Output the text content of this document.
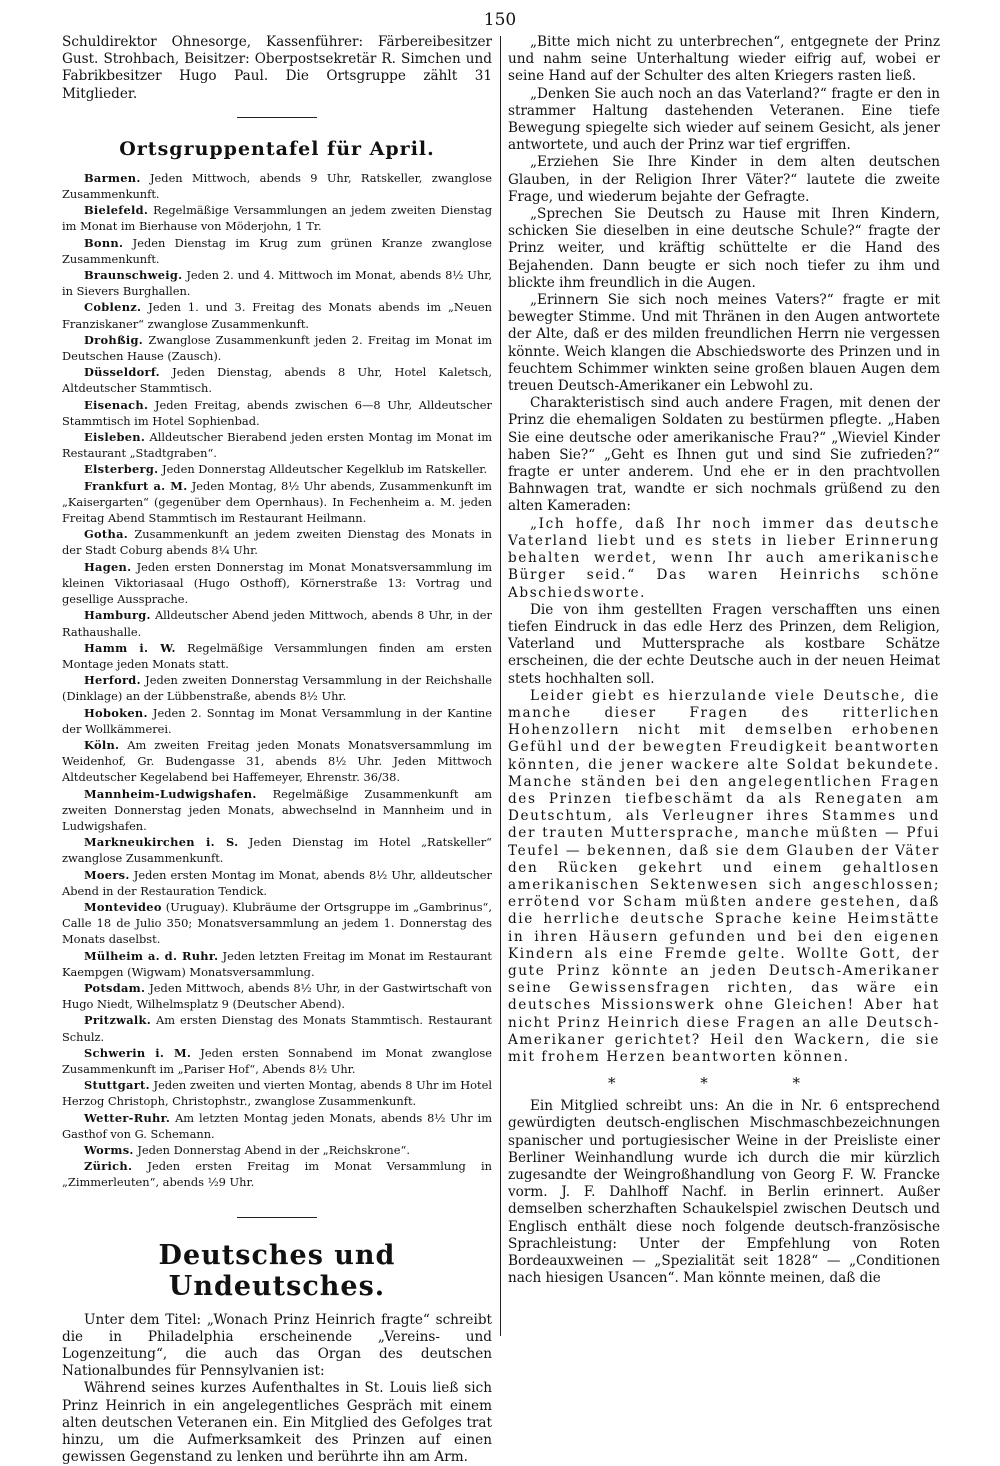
150

Schuldirektor Ohnesorge, Kassenführer: Färbereibesitzer Gust. Strohbach, Beisitzer: Oberpostsekretär R. Simchen und Fabrikbesitzer Hugo Paul. Die Ortsgruppe zählt 31 Mitglieder.

Ortsgruppentafel für April.

Barmen. Jeden Mittwoch, abends 9 Uhr, Ratskeller, zwanglose Zusammenkunft.

Bielefeld. Regelmäßige Versammlungen an jedem zweiten Dienstag im Monat im Bierhause von Möderjohn, 1 Tr.

Bonn. Jeden Dienstag im Krug zum grünen Kranze zwanglose Zusammenkunft.

Braunschweig. Jeden 2. und 4. Mittwoch im Monat, abends 8½ Uhr, in Sievers Burghallen.

Coblenz. Jeden 1. und 3. Freitag des Monats abends im „Neuen Franziskaner“ zwanglose Zusammenkunft.

Drohßig. Zwanglose Zusammenkunft jeden 2. Freitag im Monat im Deutschen Hause (Zausch).

Düsseldorf. Jeden Dienstag, abends 8 Uhr, Hotel Kaletsch, Altdeutscher Stammtisch.

Eisenach. Jeden Freitag, abends zwischen 6—8 Uhr, Alldeutscher Stammtisch im Hotel Sophienbad.

Eisleben. Alldeutscher Bierabend jeden ersten Montag im Monat im Restaurant „Stadtgraben“.

Elsterberg. Jeden Donnerstag Alldeutscher Kegelklub im Ratskeller.

Frankfurt a. M. Jeden Montag, 8½ Uhr abends, Zusammenkunft im „Kaisergarten“ (gegenüber dem Opernhaus). In Fechenheim a. M. jeden Freitag Abend Stammtisch im Restaurant Heilmann.

Gotha. Zusammenkunft an jedem zweiten Dienstag des Monats in der Stadt Coburg abends 8¼ Uhr.

Hagen. Jeden ersten Donnerstag im Monat Monatsversammlung im kleinen Viktoriasaal (Hugo Osthoff), Körnerstraße 13: Vortrag und gesellige Aussprache.

Hamburg. Alldeutscher Abend jeden Mittwoch, abends 8 Uhr, in der Rathaushalle.

Hamm i. W. Regelmäßige Versammlungen finden am ersten Montage jeden Monats statt.

Herford. Jeden zweiten Donnerstag Versammlung in der Reichshalle (Dinklage) an der Lübbenstraße, abends 8½ Uhr.

Hoboken. Jeden 2. Sonntag im Monat Versammlung in der Kantine der Wollkämmerei.

Köln. Am zweiten Freitag jeden Monats Monatsversammlung im Weidenhof, Gr. Budengasse 31, abends 8½ Uhr. Jeden Mittwoch Altdeutscher Kegelabend bei Haffemeyer, Ehrenstr. 36/38.

Mannheim-Ludwigshafen. Regelmäßige Zusammenkunft am zweiten Donnerstag jeden Monats, abwechselnd in Mannheim und in Ludwigshafen.

Markneukirchen i. S. Jeden Dienstag im Hotel „Ratskeller“ zwanglose Zusammenkunft.

Moers. Jeden ersten Montag im Monat, abends 8½ Uhr, alldeutscher Abend in der Restauration Tendick.

Montevideo (Uruguay). Klubräume der Ortsgruppe im „Gambrinus“, Calle 18 de Julio 350; Monatsversammlung an jedem 1. Donnerstag des Monats daselbst.

Mülheim a. d. Ruhr. Jeden letzten Freitag im Monat im Restaurant Kaempgen (Wigwam) Monatsversammlung.

Potsdam. Jeden Mittwoch, abends 8½ Uhr, in der Gastwirtschaft von Hugo Niedt, Wilhelmsplatz 9 (Deutscher Abend).

Pritzwalk. Am ersten Dienstag des Monats Stammtisch. Restaurant Schulz.

Schwerin i. M. Jeden ersten Sonnabend im Monat zwanglose Zusammenkunft im „Pariser Hof“, Abends 8½ Uhr.

Stuttgart. Jeden zweiten und vierten Montag, abends 8 Uhr im Hotel Herzog Christoph, Christophstr., zwanglose Zusammenkunft.

Wetter-Ruhr. Am letzten Montag jeden Monats, abends 8½ Uhr im Gasthof von G. Schemann.

Worms. Jeden Donnerstag Abend in der „Reichskrone“.

Zürich. Jeden ersten Freitag im Monat Versammlung in „Zimmerleuten“, abends ½9 Uhr.

Deutsches und Undeutsches.

Unter dem Titel: „Wonach Prinz Heinrich fragte“ schreibt die in Philadelphia erscheinende „Vereins- und Logenzeitung“, die auch das Organ des deutschen Nationalbundes für Pennsylvanien ist:

Während seines kurzes Aufenthaltes in St. Louis ließ sich Prinz Heinrich in ein angelegentliches Gespräch mit einem alten deutschen Veteranen ein. Ein Mitglied des Gefolges trat hinzu, um die Aufmerksamkeit des Prinzen auf einen gewissen Gegenstand zu lenken und berührte ihn am Arm.

„Bitte mich nicht zu unterbrechen“, entgegnete der Prinz und nahm seine Unterhaltung wieder eifrig auf, wobei er seine Hand auf der Schulter des alten Kriegers rasten ließ.

„Denken Sie auch noch an das Vaterland?“ fragte er den in strammer Haltung dastehenden Veteranen. Eine tiefe Bewegung spiegelte sich wieder auf seinem Gesicht, als jener antwortete, und auch der Prinz war tief ergriffen.

„Erziehen Sie Ihre Kinder in dem alten deutschen Glauben, in der Religion Ihrer Väter?“ lautete die zweite Frage, und wiederum bejahte der Gefragte.

„Sprechen Sie Deutsch zu Hause mit Ihren Kindern, schicken Sie dieselben in eine deutsche Schule?“ fragte der Prinz weiter, und kräftig schüttelte er die Hand des Bejahenden. Dann beugte er sich noch tiefer zu ihm und blickte ihm freundlich in die Augen.

„Erinnern Sie sich noch meines Vaters?“ fragte er mit bewegter Stimme. Und mit Thränen in den Augen antwortete der Alte, daß er des milden freundlichen Herrn nie vergessen könnte. Weich klangen die Abschiedsworte des Prinzen und in feuchtem Schimmer winkten seine großen blauen Augen dem treuen Deutsch-Amerikaner ein Lebwohl zu.

Charakteristisch sind auch andere Fragen, mit denen der Prinz die ehemaligen Soldaten zu bestürmen pflegte. „Haben Sie eine deutsche oder amerikanische Frau?“ „Wieviel Kinder haben Sie?“ „Geht es Ihnen gut und sind Sie zufrieden?“ fragte er unter anderem. Und ehe er in den prachtvollen Bahnwagen trat, wandte er sich nochmals grüßend zu den alten Kameraden:

„Ich hoffe, daß Ihr noch immer das deutsche Vaterland liebt und es stets in lieber Erinnerung behalten werdet, wenn Ihr auch amerikanische Bürger seid.“ Das waren Heinrichs schöne Abschiedsworte.

Die von ihm gestellten Fragen verschafften uns einen tiefen Eindruck in das edle Herz des Prinzen, dem Religion, Vaterland und Muttersprache als kostbare Schätze erscheinen, die der echte Deutsche auch in der neuen Heimat stets hochhalten soll.

Leider giebt es hierzulande viele Deutsche, die manche dieser Fragen des ritterlichen Hohenzollern nicht mit demselben erhobenen Gefühl und der bewegten Freudigkeit beantworten könnten, die jener wackere alte Soldat bekundete. Manche ständen bei den angelegentlichen Fragen des Prinzen tiefbeschämt da als Renegaten am Deutschtum, als Verleugner ihres Stammes und der trauten Muttersprache, manche müßten — Pfui Teufel — bekennen, daß sie dem Glauben der Väter den Rücken gekehrt und einem gehaltlosen amerikanischen Sektenwesen sich angeschlossen; errötend vor Scham müßten andere gestehen, daß die herrliche deutsche Sprache keine Heimstätte in ihren Häusern gefunden und bei den eigenen Kindern als eine Fremde gelte. Wollte Gott, der gute Prinz könnte an jeden Deutsch-Amerikaner seine Gewissensfragen richten, das wäre ein deutsches Missionswerk ohne Gleichen! Aber hat nicht Prinz Heinrich diese Fragen an alle Deutsch-Amerikaner gerichtet? Heil den Wackern, die sie mit frohem Herzen beantworten können.

* * *

Ein Mitglied schreibt uns: An die in Nr. 6 entsprechend gewürdigten deutsch-englischen Mischmaschbezeichnungen spanischer und portugiesischer Weine in der Preisliste einer Berliner Weinhandlung wurde ich durch die mir kürzlich zugesandte der Weingroßhandlung von Georg F. W. Francke vorm. J. F. Dahlhoff Nachf. in Berlin erinnert. Außer demselben scherzhaften Schaukelspiel zwischen Deutsch und Englisch enthält diese noch folgende deutsch-französische Sprachleistung: Unter der Empfehlung von Roten Bordeauxweinen — „Spezialität seit 1828“ — „Conditionen nach hiesigen Usancen“. Man könnte meinen, daß die
